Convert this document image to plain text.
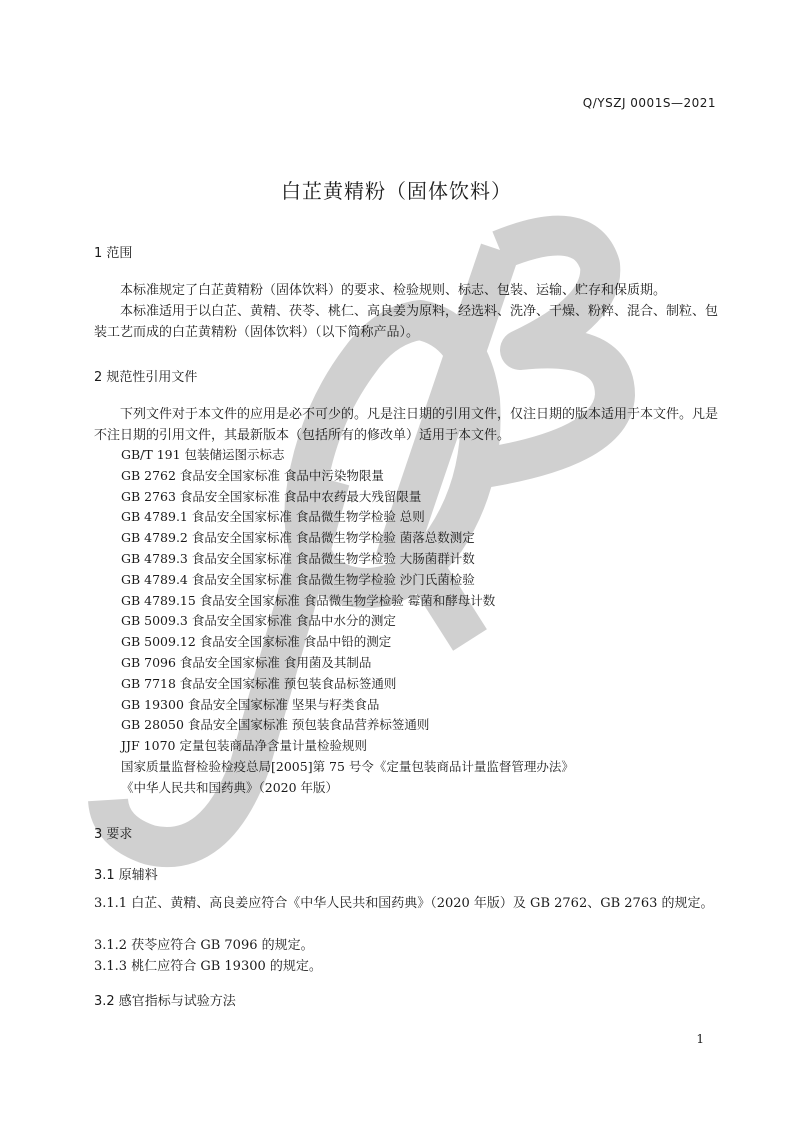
Q/YSZJ 0001S—2021
白芷黄精粉（固体饮料）
1 范围
本标准规定了白芷黄精粉（固体饮料）的要求、检验规则、标志、包装、运输、贮存和保质期。
本标准适用于以白芷、黄精、茯苓、桃仁、高良姜为原料，经选料、洗净、干燥、粉粹、混合、制粒、包装工艺而成的白芷黄精粉（固体饮料）（以下简称产品）。
2 规范性引用文件
下列文件对于本文件的应用是必不可少的。凡是注日期的引用文件，仅注日期的版本适用于本文件。凡是不注日期的引用文件，其最新版本（包括所有的修改单）适用于本文件。
GB/T 191 包装储运图示标志
GB 2762 食品安全国家标准 食品中污染物限量
GB 2763 食品安全国家标准 食品中农药最大残留限量
GB 4789.1 食品安全国家标准 食品微生物学检验 总则
GB 4789.2 食品安全国家标准 食品微生物学检验 菌落总数测定
GB 4789.3 食品安全国家标准 食品微生物学检验 大肠菌群计数
GB 4789.4 食品安全国家标准 食品微生物学检验 沙门氏菌检验
GB 4789.15 食品安全国家标准 食品微生物学检验 霉菌和酵母计数
GB 5009.3 食品安全国家标准 食品中水分的测定
GB 5009.12 食品安全国家标准 食品中铅的测定
GB 7096 食品安全国家标准 食用菌及其制品
GB 7718 食品安全国家标准 预包装食品标签通则
GB 19300 食品安全国家标准 坚果与籽类食品
GB 28050 食品安全国家标准 预包装食品营养标签通则
JJF 1070 定量包装商品净含量计量检验规则
国家质量监督检验检疫总局[2005]第 75 号令《定量包装商品计量监督管理办法》
《中华人民共和国药典》（2020 年版）
3 要求
3.1 原辅料
3.1.1 白芷、黄精、高良姜应符合《中华人民共和国药典》（2020 年版）及 GB 2762、GB 2763 的规定。
3.1.2 茯苓应符合 GB 7096 的规定。
3.1.3 桃仁应符合 GB 19300 的规定。
3.2 感官指标与试验方法
1
